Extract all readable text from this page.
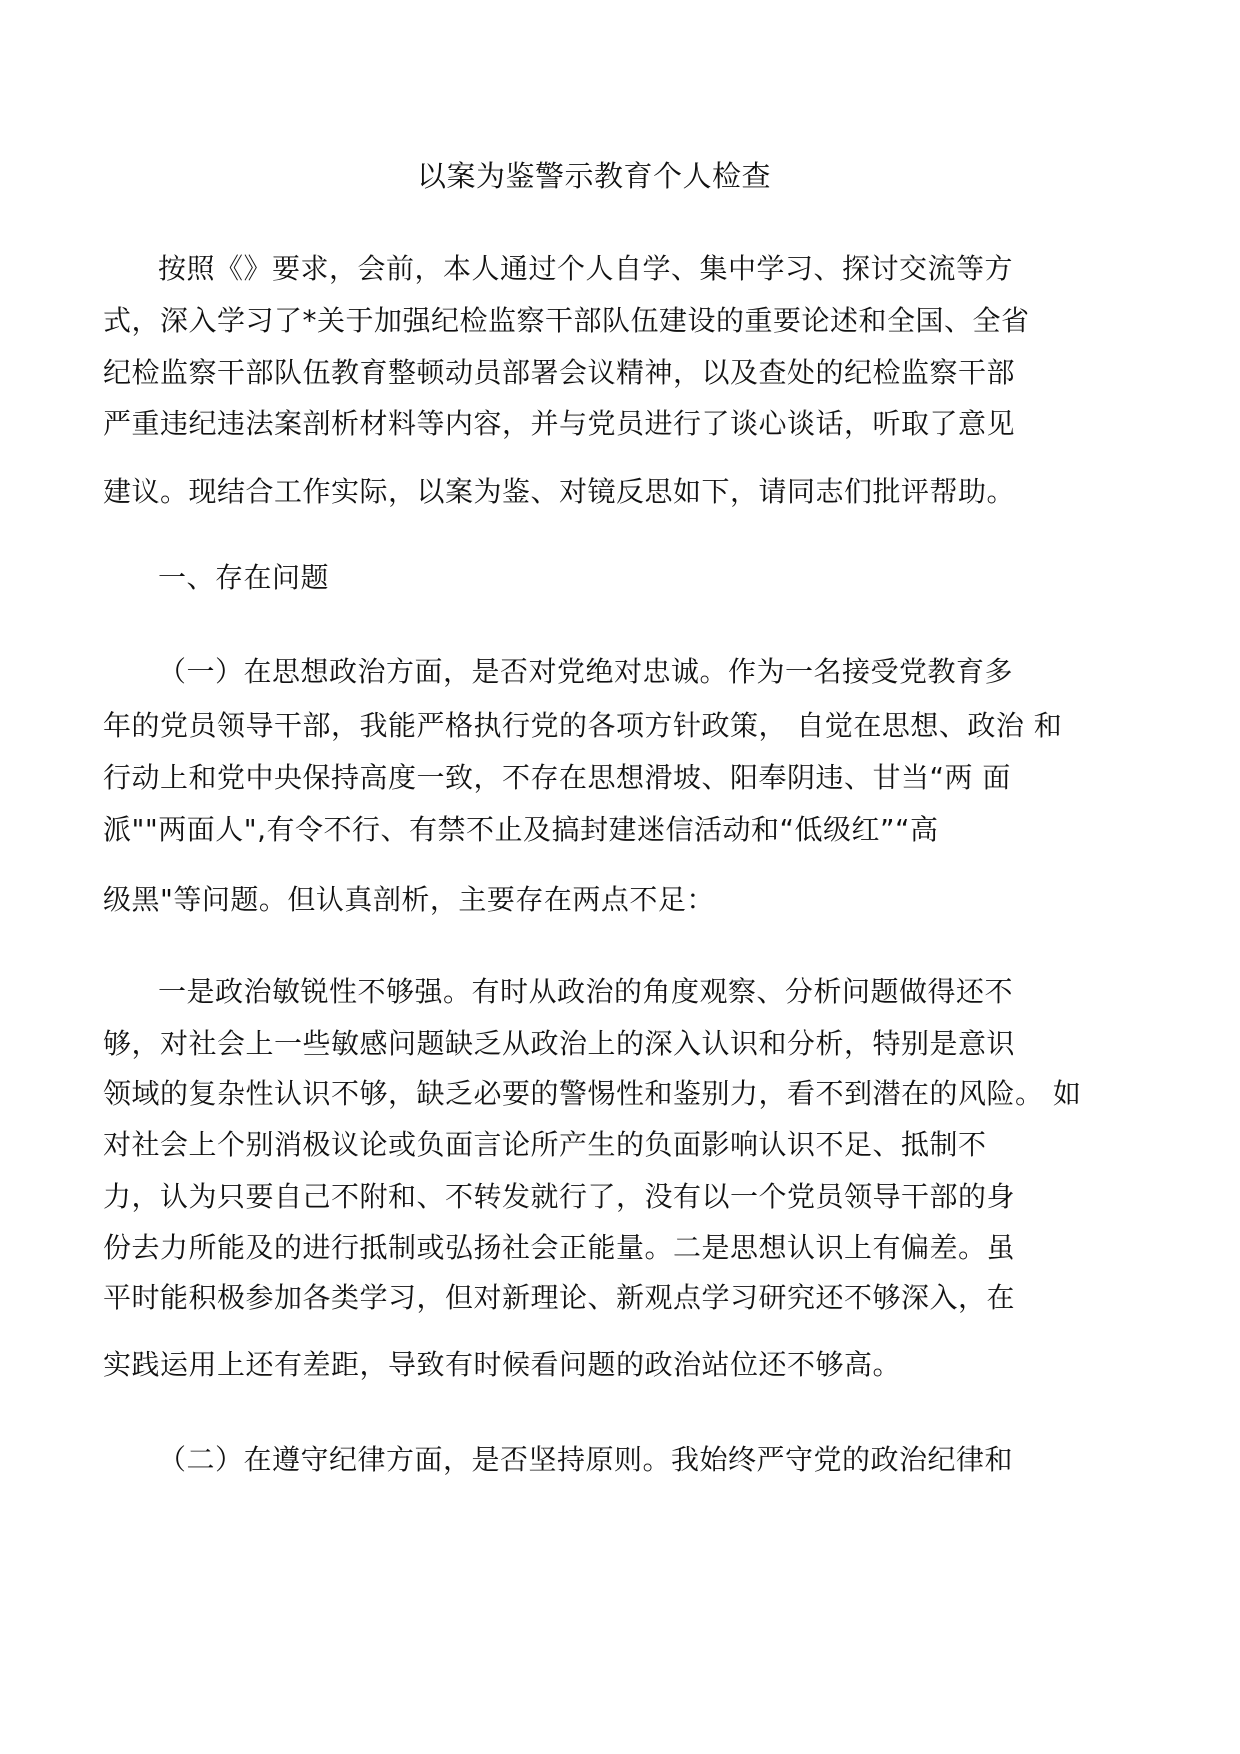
以案为鉴警示教育个人检查
按照《》要求，会前，本人通过个人自学、集中学习、探讨交流等方
式，深入学习了*关于加强纪检监察干部队伍建设的重要论述和全国、全省
纪检监察干部队伍教育整顿动员部署会议精神，以及查处的纪检监察干部
严重违纪违法案剖析材料等内容，并与党员进行了谈心谈话，听取了意见
建议。现结合工作实际，以案为鉴、对镜反思如下，请同志们批评帮助。
一、存在问题
（一）在思想政治方面，是否对党绝对忠诚。作为一名接受党教育多
年的党员领导干部，我能严格执行党的各项方针政策， 自觉在思想、政治 和
行动上和党中央保持高度一致，不存在思想滑坡、阳奉阴违、甘当“两 面
派""两面人",有令不行、有禁不止及搞封建迷信活动和“低级红”“高
级黑"等问题。但认真剖析，主要存在两点不足：
一是政治敏锐性不够强。有时从政治的角度观察、分析问题做得还不
够，对社会上一些敏感问题缺乏从政治上的深入认识和分析，特别是意识
领域的复杂性认识不够，缺乏必要的警惕性和鉴别力，看不到潜在的风险。 如
对社会上个别消极议论或负面言论所产生的负面影响认识不足、抵制不
力，认为只要自己不附和、不转发就行了，没有以一个党员领导干部的身
份去力所能及的进行抵制或弘扬社会正能量。二是思想认识上有偏差。虽
平时能积极参加各类学习，但对新理论、新观点学习研究还不够深入，在
实践运用上还有差距，导致有时候看问题的政治站位还不够高。
（二）在遵守纪律方面，是否坚持原则。我始终严守党的政治纪律和
